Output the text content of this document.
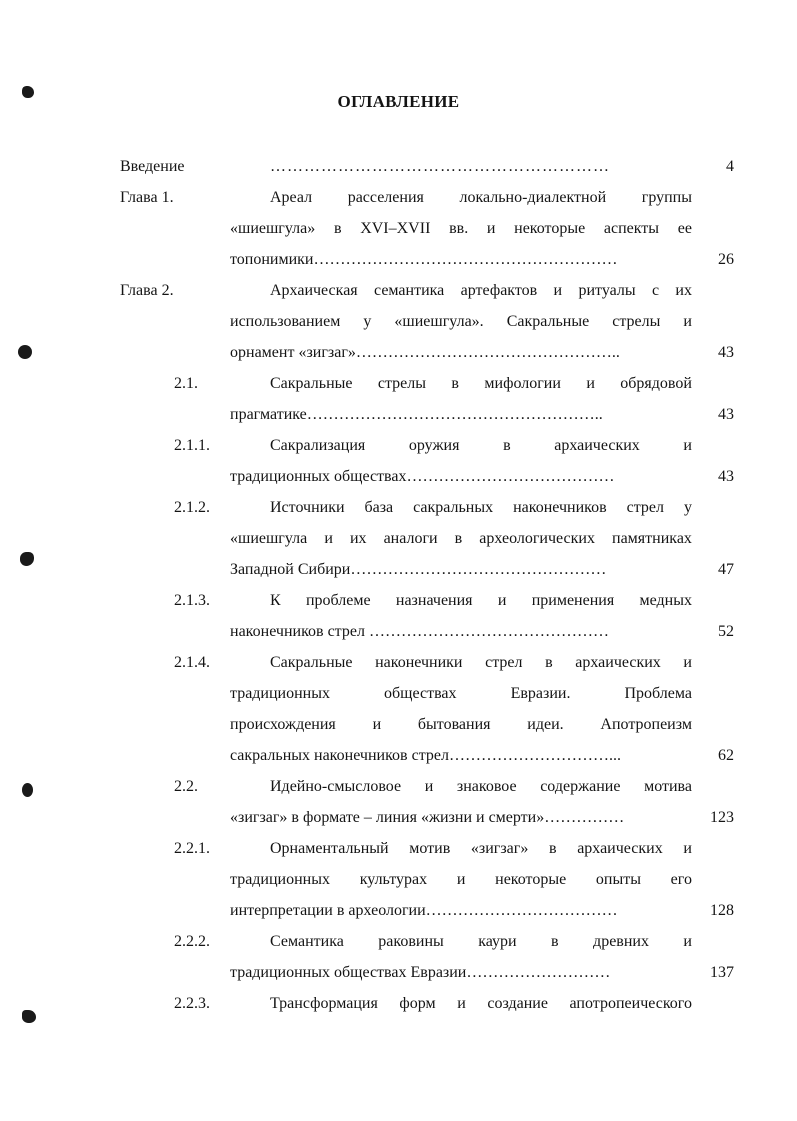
ОГЛАВЛЕНИЕ
Введение	……………………………………………………	4
Глава 1.	Ареал расселения локально-диалектной группы
«шиешгула» в XVI–XVII вв. и некоторые аспекты ее
топонимики…………………………………………………	26
Глава 2.	Архаическая семантика артефактов и ритуалы с их
использованием у «шиешгула». Сакральные стрелы и
орнамент «зигзаг»…………………………………………..	43
2.1.	Сакральные стрелы в мифологии и обрядовой
прагматике………………………………………………..	43
2.1.1.	Сакрализация	оружия	в	архаических	и
традиционных обществах…………………………………	43
2.1.2.	Источники база сакральных наконечников стрел у
«шиешгула и их аналоги в археологических памятниках
Западной Сибири…………………………………………	47
2.1.3.	К проблеме назначения и применения медных
наконечников стрел ………………………………………	52
2.1.4.	Сакральные наконечники стрел в архаических и
традиционных	обществах	Евразии.	Проблема
происхождения и бытования идеи. Апотропеизм
сакральных наконечников стрел…………………………...	62
2.2.	Идейно-смысловое и знаковое содержание мотива
«зигзаг» в формате – линия «жизни и смерти»……………	123
2.2.1.	Орнаментальный мотив «зигзаг» в архаических и
традиционных культурах и некоторые опыты его
интерпретации в археологии………………………………	128
2.2.2.	Семантика раковины каури в древних и
традиционных обществах Евразии………………………	137
2.2.3.	Трансформация форм и создание апотропеического
